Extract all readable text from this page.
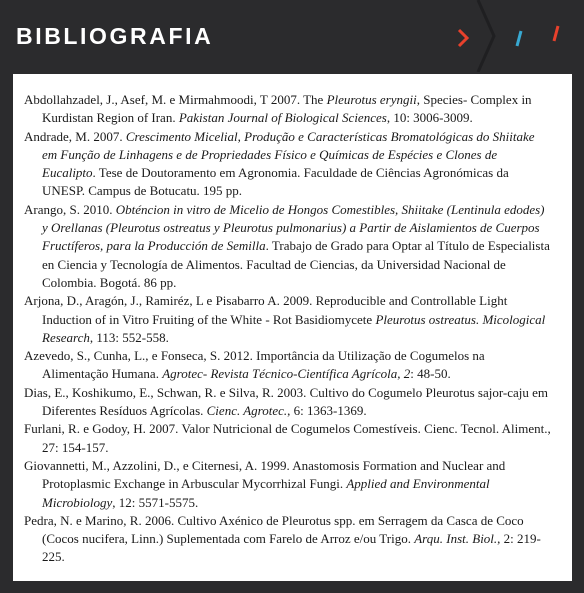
BIBLIOGRAFIA
Abdollahzadel, J., Asef, M. e Mirmahmoodi, T 2007. The Pleurotus eryngii, Species- Complex in Kurdistan Region of Iran. Pakistan Journal of Biological Sciences, 10: 3006-3009.
Andrade, M. 2007. Crescimento Micelial, Produção e Características Bromatológicas do Shiitake em Função de Linhagens e de Propriedades Físico e Químicas de Espécies e Clones de Eucalipto. Tese de Doutoramento em Agronomia. Faculdade de Ciências Agronómicas da UNESP. Campus de Botucatu. 195 pp.
Arango, S. 2010. Obténcion in vitro de Micelio de Hongos Comestibles, Shiitake (Lentinula edodes) y Orellanas (Pleurotus ostreatus y Pleurotus pulmonarius) a Partir de Aislamientos de Cuerpos Fructíferos, para la Producción de Semilla. Trabajo de Grado para Optar al Título de Especialista en Ciencia y Tecnología de Alimentos. Facultad de Ciencias, da Universidad Nacional de Colombia. Bogotá. 86 pp.
Arjona, D., Aragón, J., Ramiréz, L e Pisabarro A. 2009. Reproducible and Controllable Light Induction of in Vitro Fruiting of the White - Rot Basidiomycete Pleurotus ostreatus. Micological Research, 113: 552-558.
Azevedo, S., Cunha, L., e Fonseca, S. 2012. Importância da Utilização de Cogumelos na Alimentação Humana. Agrotec- Revista Técnico-Científica Agrícola, 2: 48-50.
Dias, E., Koshikumo, E., Schwan, R. e Silva, R. 2003. Cultivo do Cogumelo Pleurotus sajor-caju em Diferentes Resíduos Agrícolas. Cienc. Agrotec., 6: 1363-1369.
Furlani, R. e Godoy, H. 2007. Valor Nutricional de Cogumelos Comestíveis. Cienc. Tecnol. Aliment., 27: 154-157.
Giovannetti, M., Azzolini, D., e Citernesi, A. 1999. Anastomosis Formation and Nuclear and Protoplasmic Exchange in Arbuscular Mycorrhizal Fungi. Applied and Environmental Microbiology, 12: 5571-5575.
Pedra, N. e Marino, R. 2006. Cultivo Axénico de Pleurotus spp. em Serragem da Casca de Coco (Cocos nucifera, Linn.) Suplementada com Farelo de Arroz e/ou Trigo. Arqu. Inst. Biol., 2: 219-225.
